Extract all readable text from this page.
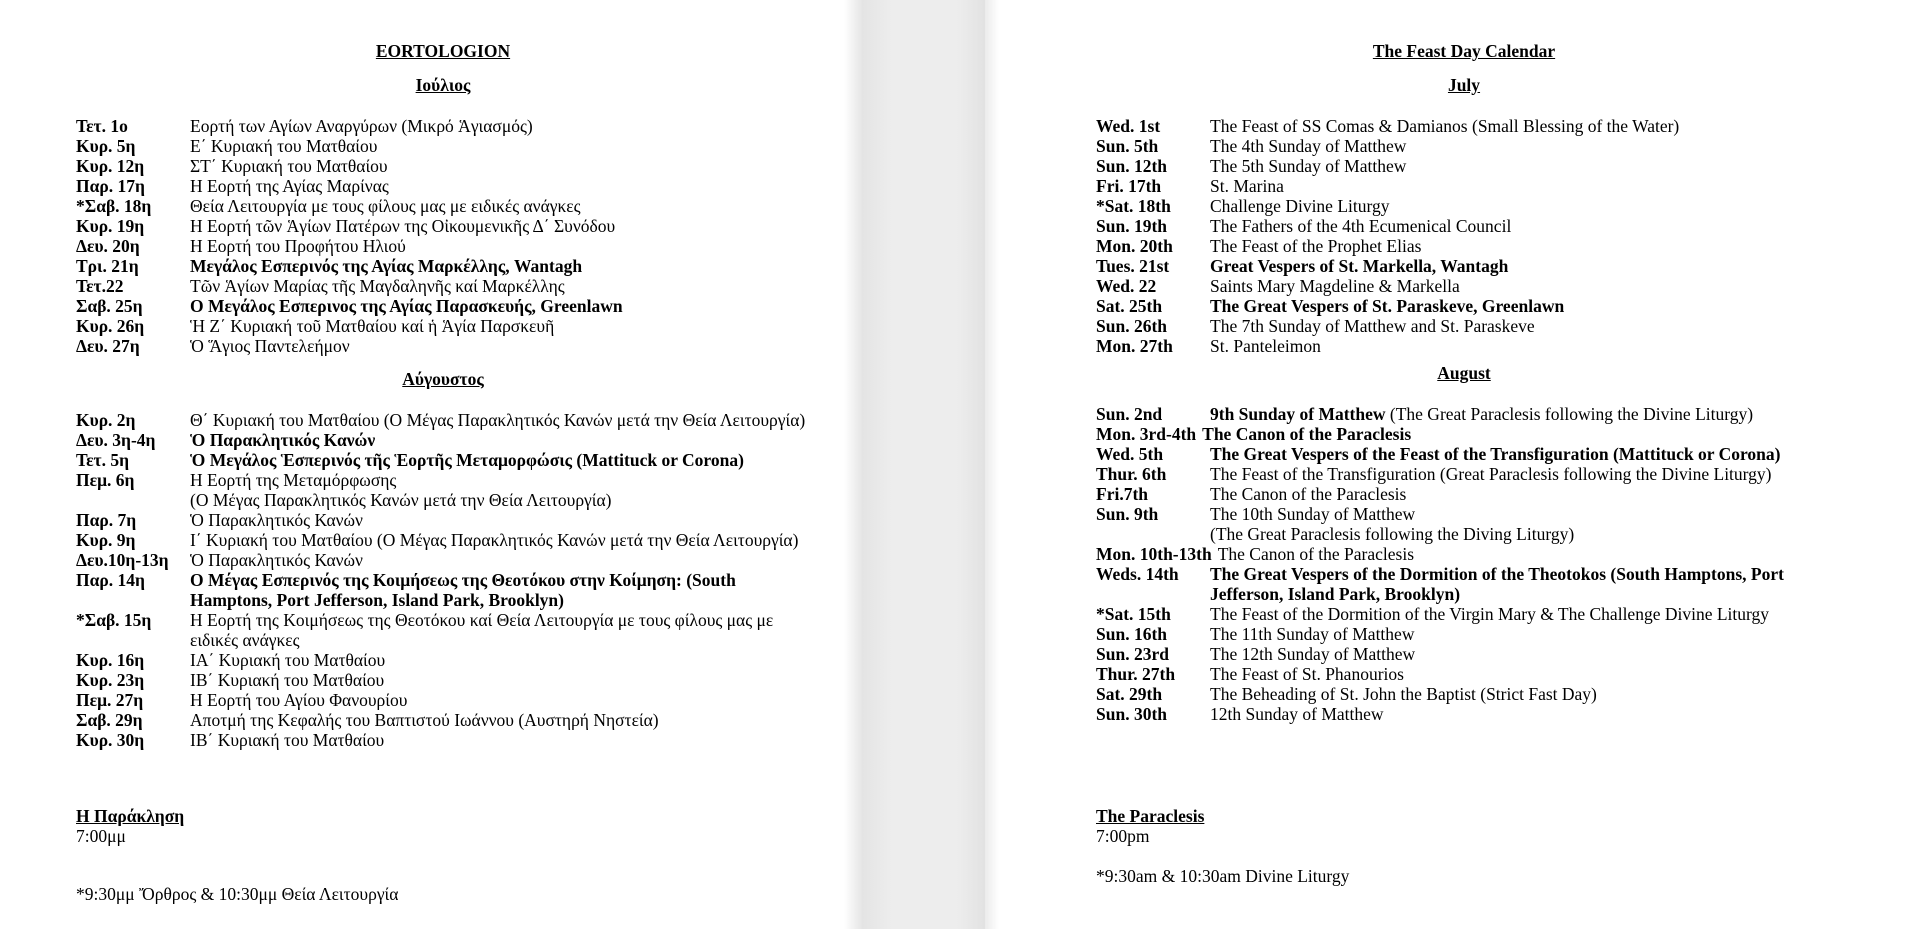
EORTOLOGION
Ιούλιος
Τετ. 1ο	Εορτή των Αγίων Αναργύρων (Μικρό Ἁγιασμός)
Κυρ. 5η	Ε΄ Κυριακή του Ματθαίου
Κυρ. 12η	ΣΤ΄ Κυριακή του Ματθαίου
Παρ. 17η	Η Εορτή της Αγίας Μαρίνας
*Σαβ. 18η	Θεία Λειτουργία με τους φίλους μας με ειδικές ανάγκες
Κυρ. 19η	Η Εορτή τῶν Ἁγίων Πατέρων της Οἰκουμενικῆς Δ΄ Συνόδου
Δευ. 20η	Η Εορτή του Προφήτου Ηλιού
Τρι. 21η	Μεγάλος Εσπερινός της Αγίας Μαρκέλλης, Wantagh
Τετ.22	Τῶν Ἁγίων Μαρίας τῆς Μαγδαληνῆς καί Μαρκέλλης
Σαβ. 25η	Ο Μεγάλος Εσπερινος της Αγίας Παρασκευής, Greenlawn
Κυρ. 26η	Ἡ Ζ΄ Κυριακή τοῦ Ματθαίου καί ἡ Ἁγία Παρσκευῆ
Δευ. 27η	Ὁ Ἅγιος Παντελεήμον
Αύγουστος
Κυρ. 2η	Θ΄ Κυριακή του Ματθαίου (Ο Μέγας Παρακλητικός Κανών μετά την Θεία Λειτουργία)
Δευ. 3η-4η	Ὁ Παρακλητικός Κανών
Τετ. 5η	Ὁ Μεγάλος Ἑσπερινός τῆς Ἑορτῆς Μεταμορφώσις (Mattituck or Corona)
Πεμ. 6η	Η Εορτή της Μεταμόρφωσης
(Ο Μέγας Παρακλητικός Κανών μετά την Θεία Λειτουργία)
Παρ. 7η	Ὁ Παρακλητικός Κανών
Κυρ. 9η	Ι΄ Κυριακή του Ματθαίου (Ο Μέγας Παρακλητικός Κανών μετά την Θεία Λειτουργία)
Δευ.10η-13η	Ὁ Παρακλητικός Κανών
Παρ. 14η	Ο Μέγας Εσπερινός της Κοιμήσεως της Θεοτόκου στην Κοίμηση: (South Hamptons, Port Jefferson, Island Park, Brooklyn)
*Σαβ. 15η	Η Εορτή της Κοιμήσεως της Θεοτόκου καί Θεία Λειτουργία με τους φίλους μας με ειδικές ανάγκες
Κυρ. 16η	ΙΑ΄ Κυριακή του Ματθαίου
Κυρ. 23η	ΙΒ΄ Κυριακή του Ματθαίου
Πεμ. 27η	Η Εορτή του Αγίου Φανουρίου
Σαβ. 29η	Αποτμή της Κεφαλής του Βαπτιστού Ιωάννου (Αυστηρή Νηστεία)
Κυρ. 30η	ΙΒ΄ Κυριακή του Ματθαίου
Η Παράκληση
7:00μμ
*9:30μμ Ὄρθρος & 10:30μμ Θεία Λειτουργία
The Feast Day Calendar
July
Wed. 1st	The Feast of SS Comas & Damianos (Small Blessing of the Water)
Sun. 5th	The 4th Sunday of Matthew
Sun. 12th	The 5th Sunday of Matthew
Fri. 17th	St. Marina
*Sat. 18th	Challenge Divine Liturgy
Sun. 19th	The Fathers of the 4th Ecumenical Council
Mon. 20th	The Feast of the Prophet Elias
Tues. 21st	Great Vespers of St. Markella, Wantagh
Wed. 22	Saints Mary Magdeline & Markella
Sat. 25th	The Great Vespers of St. Paraskeve, Greenlawn
Sun. 26th	The 7th Sunday of Matthew and St. Paraskeve
Mon. 27th	St. Panteleimon
August
Sun. 2nd	9th Sunday of Matthew (The Great Paraclesis following the Divine Liturgy)
Mon. 3rd-4th The Canon of the Paraclesis
Wed. 5th	The Great Vespers of the Feast of the Transfiguration (Mattituck or Corona)
Thur. 6th	The Feast of the Transfiguration (Great Paraclesis following the Divine Liturgy)
Fri.7th	The Canon of the Paraclesis
Sun. 9th	The 10th Sunday of Matthew
(The Great Paraclesis following the Diving Liturgy)
Mon. 10th-13th The Canon of the Paraclesis
Weds. 14th	The Great Vespers of the Dormition of the Theotokos (South Hamptons, Port Jefferson, Island Park, Brooklyn)
*Sat. 15th	The Feast of the Dormition of the Virgin Mary & The Challenge Divine Liturgy
Sun. 16th	The 11th Sunday of Matthew
Sun. 23rd	The 12th Sunday of Matthew
Thur. 27th	The Feast of St. Phanourios
Sat. 29th	The Beheading of St. John the Baptist (Strict Fast Day)
Sun. 30th	12th Sunday of Matthew
The Paraclesis
7:00pm
*9:30am & 10:30am Divine Liturgy
